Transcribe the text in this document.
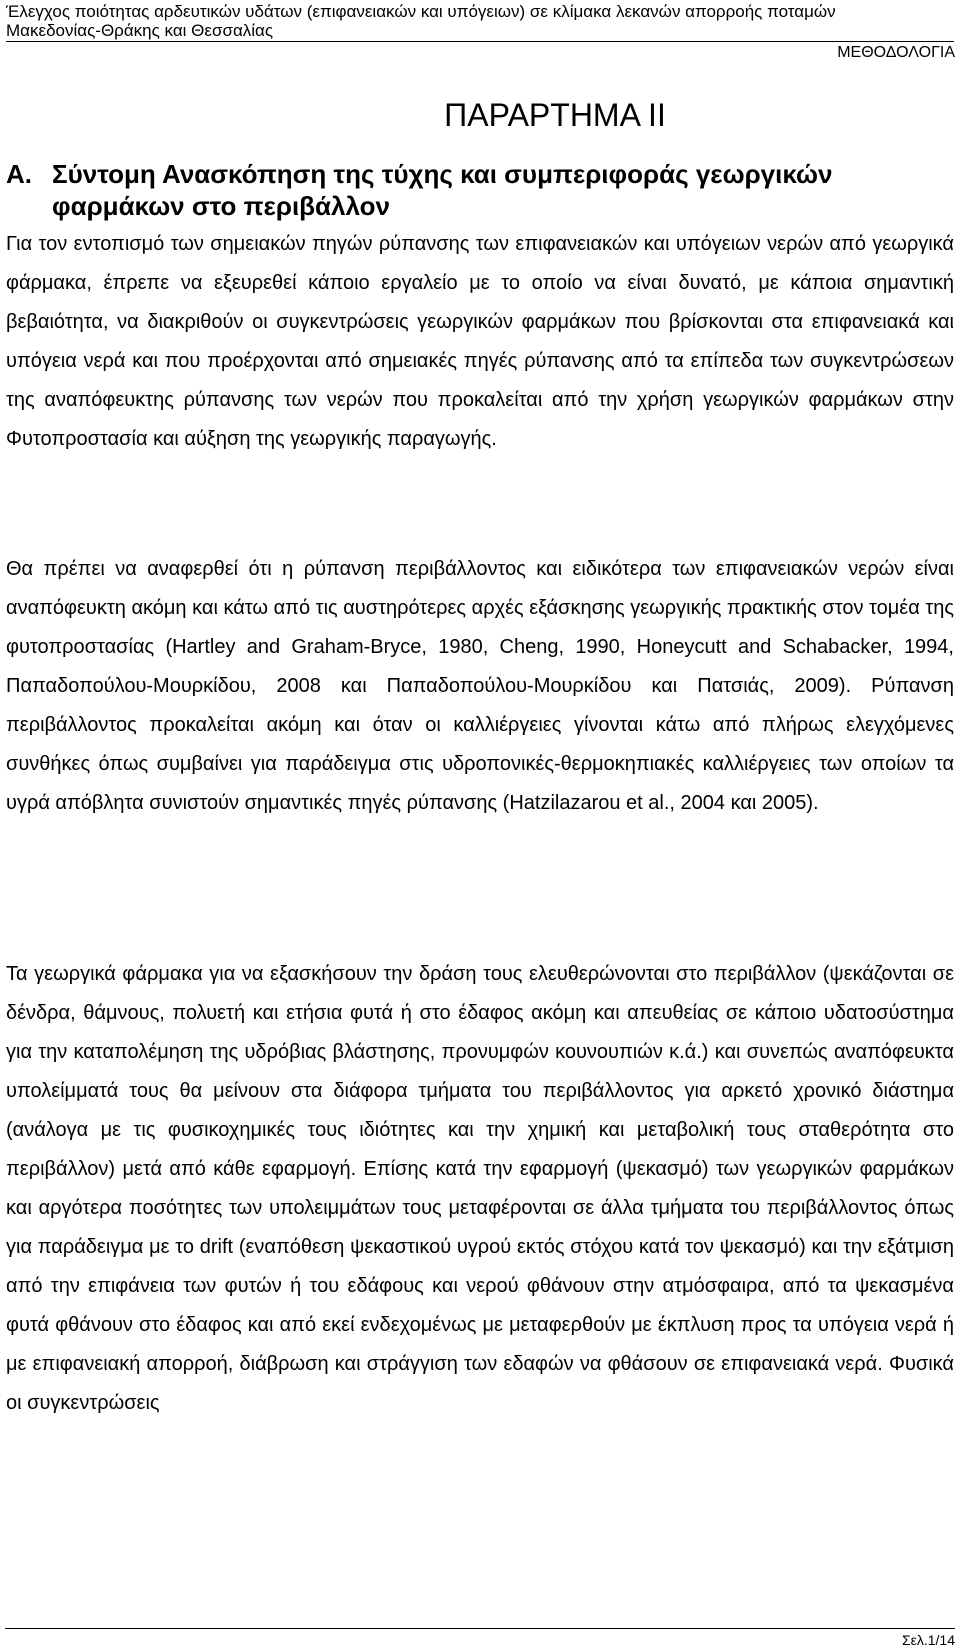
Έλεγχος ποιότητας αρδευτικών υδάτων (επιφανειακών και υπόγειων) σε κλίμακα λεκανών απορροής ποταμών
Μακεδονίας-Θράκης και Θεσσαλίας
ΜΕΘΟΔΟΛΟΓΙΑ
ΠΑΡΑΡΤΗΜΑ ΙΙ
Α. Σύντομη Ανασκόπηση της τύχης και συμπεριφοράς γεωργικών
φαρμάκων στο περιβάλλον

Για τον εντοπισμό των σημειακών πηγών ρύπανσης των επιφανειακών και υπόγειων νερών από γεωργικά φάρμακα, έπρεπε να εξευρεθεί κάποιο εργαλείο με το οποίο να είναι δυνατό, με κάποια σημαντική βεβαιότητα, να διακριθούν οι συγκεντρώσεις γεωργικών φαρμάκων που βρίσκονται στα επιφανειακά και υπόγεια νερά και που προέρχονται από σημειακές πηγές ρύπανσης από τα επίπεδα των συγκεντρώσεων της αναπόφευκτης ρύπανσης των νερών που προκαλείται από την χρήση γεωργικών φαρμάκων στην Φυτοπροστασία και αύξηση της γεωργικής παραγωγής.

Θα πρέπει να αναφερθεί ότι η ρύπανση περιβάλλοντος και ειδικότερα των επιφανειακών νερών είναι αναπόφευκτη ακόμη και κάτω από τις αυστηρότερες αρχές εξάσκησης γεωργικής πρακτικής στον τομέα της φυτοπροστασίας (Hartley and Graham-Bryce, 1980, Cheng, 1990, Honeycutt and Schabacker, 1994, Παπαδοπούλου-Μουρκίδου, 2008 και Παπαδοπούλου-Μουρκίδου και Πατσιάς, 2009). Ρύπανση περιβάλλοντος προκαλείται ακόμη και όταν οι καλλιέργειες γίνονται κάτω από πλήρως ελεγχόμενες συνθήκες όπως συμβαίνει για παράδειγμα στις υδροπονικές-θερμοκηπιακές καλλιέργειες των οποίων τα υγρά απόβλητα συνιστούν σημαντικές πηγές ρύπανσης (Hatzilazarou et al., 2004 και 2005).

Τα γεωργικά φάρμακα για να εξασκήσουν την δράση τους ελευθερώνονται στο περιβάλλον (ψεκάζονται σε δένδρα, θάμνους, πολυετή και ετήσια φυτά ή στο έδαφος ακόμη και απευθείας σε κάποιο υδατοσύστημα για την καταπολέμηση της υδρόβιας βλάστησης, προνυμφών κουνουπιών κ.ά.) και συνεπώς αναπόφευκτα υπολείμματά τους θα μείνουν στα διάφορα τμήματα του περιβάλλοντος για αρκετό χρονικό διάστημα (ανάλογα με τις φυσικοχημικές τους ιδιότητες και την χημική και μεταβολική τους σταθερότητα στο περιβάλλον) μετά από κάθε εφαρμογή. Επίσης κατά την εφαρμογή (ψεκασμό) των γεωργικών φαρμάκων και αργότερα ποσότητες των υπολειμμάτων τους μεταφέρονται σε άλλα τμήματα του περιβάλλοντος όπως για παράδειγμα με το drift (εναπόθεση ψεκαστικού υγρού εκτός στόχου κατά τον ψεκασμό) και την εξάτμιση από την επιφάνεια των φυτών ή του εδάφους και νερού φθάνουν στην ατμόσφαιρα, από τα ψεκασμένα φυτά φθάνουν στο έδαφος και από εκεί ενδεχομένως με μεταφερθούν με έκπλυση προς τα υπόγεια νερά ή με επιφανειακή απορροή, διάβρωση και στράγγιση των εδαφών να φθάσουν σε επιφανειακά νερά. Φυσικά οι συγκεντρώσεις

Σελ.1/14
